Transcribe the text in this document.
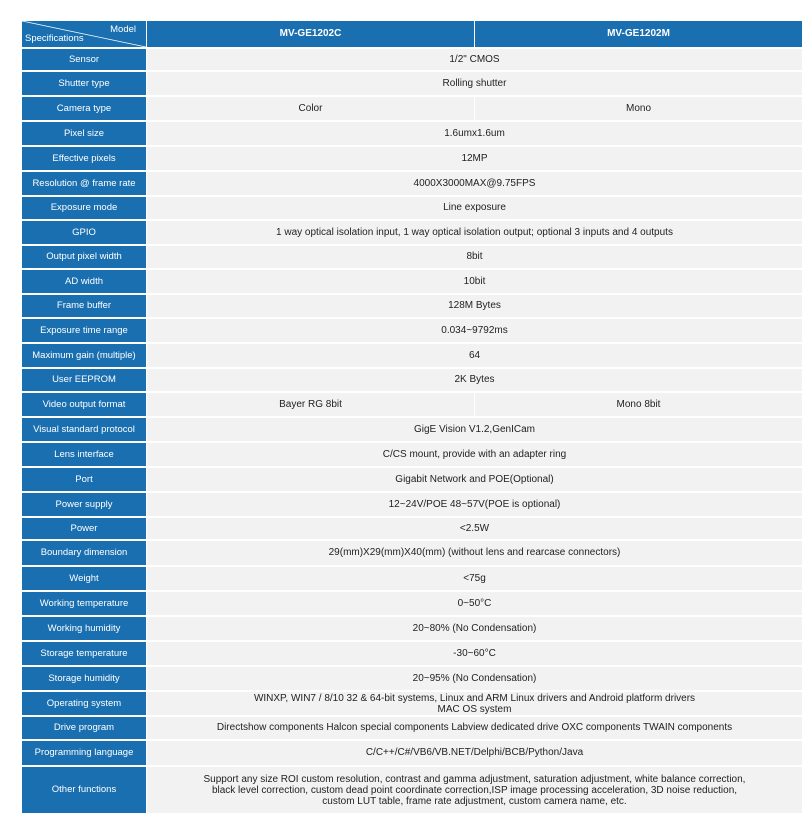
Model
Specifications	MV-GE1202C	MV-GE1202M
Sensor	1/2" CMOS	
Shutter type	Rolling shutter	
Camera type	Color	Mono
Pixel size	1.6umx1.6um	
Effective pixels	12MP	
Resolution @ frame rate	4000X3000MAX@9.75FPS	
Exposure mode	Line exposure	
GPIO	1 way optical isolation input, 1 way optical isolation output; optional 3 inputs and 4 outputs	
Output pixel width	8bit	
AD width	10bit	
Frame buffer	128M Bytes	
Exposure time range	0.034~9792ms	
Maximum gain (multiple)	64	
User EEPROM	2K Bytes	
Video output format	Bayer RG 8bit	Mono 8bit
Visual standard protocol	GigE Vision V1.2,GenICam	
Lens interface	C/CS mount, provide with an adapter ring	
Port	Gigabit Network and POE(Optional)	
Power supply	12~24V/POE 48~57V(POE is optional)	
Power	<2.5W	
Boundary dimension	29(mm)X29(mm)X40(mm) (without lens and rearcase connectors)	
Weight	<75g	
Working temperature	0~50°C	
Working humidity	20~80% (No Condensation)	
Storage temperature	-30~60°C	
Storage humidity	20~95% (No Condensation)	
Operating system	WINXP, WIN7 / 8/10 32 & 64-bit systems, Linux and ARM Linux drivers and Android platform drivers
MAC OS system	

Drive program	Directshow components Halcon special components Labview dedicated drive OXC components TWAIN components	
Programming language	C/C++/C#/VB6/VB.NET/Delphi/BCB/Python/Java	
Other functions	Support any size ROI custom resolution, contrast and gamma adjustment, saturation adjustment, white balance correction,
black level correction, custom dead point coordinate correction,ISP image processing acceleration, 3D noise reduction,
custom LUT table, frame rate adjustment, custom camera name, etc.	
